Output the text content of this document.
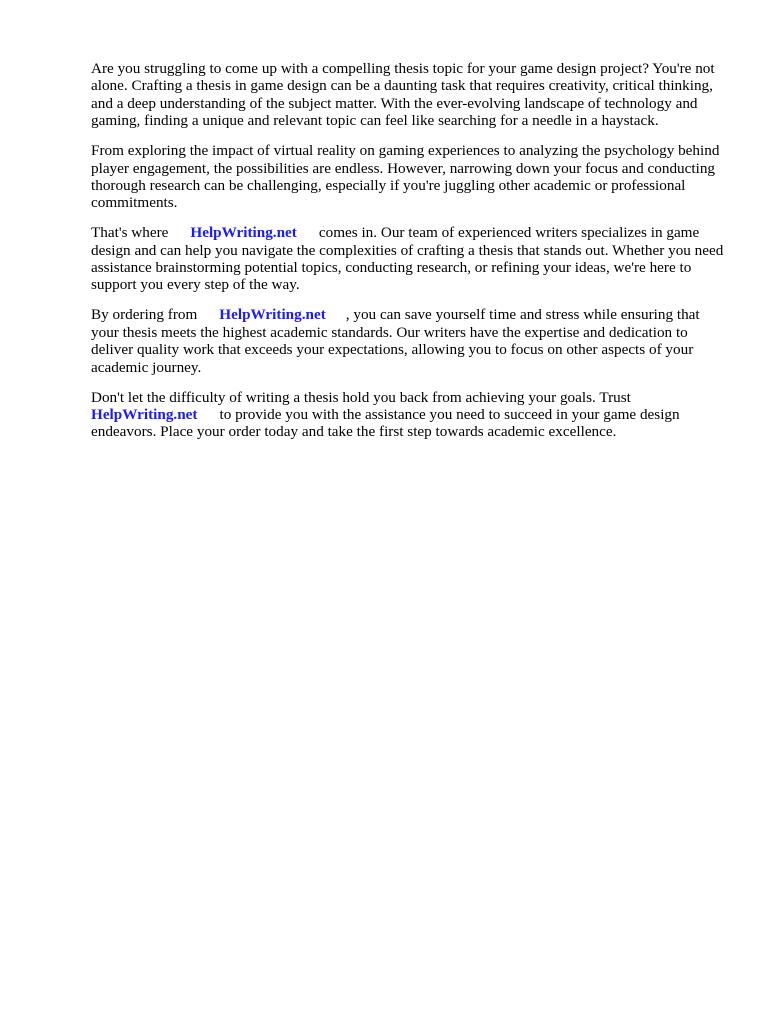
Are you struggling to come up with a compelling thesis topic for your game design project? You're not alone. Crafting a thesis in game design can be a daunting task that requires creativity, critical thinking, and a deep understanding of the subject matter. With the ever-evolving landscape of technology and gaming, finding a unique and relevant topic can feel like searching for a needle in a haystack.

From exploring the impact of virtual reality on gaming experiences to analyzing the psychology behind player engagement, the possibilities are endless. However, narrowing down your focus and conducting thorough research can be challenging, especially if you're juggling other academic or professional commitments.

That's where HelpWriting.net comes in. Our team of experienced writers specializes in game design and can help you navigate the complexities of crafting a thesis that stands out. Whether you need assistance brainstorming potential topics, conducting research, or refining your ideas, we're here to support you every step of the way.

By ordering from HelpWriting.net , you can save yourself time and stress while ensuring that your thesis meets the highest academic standards. Our writers have the expertise and dedication to deliver quality work that exceeds your expectations, allowing you to focus on other aspects of your academic journey.

Don't let the difficulty of writing a thesis hold you back from achieving your goals. Trust HelpWriting.net to provide you with the assistance you need to succeed in your game design endeavors. Place your order today and take the first step towards academic excellence.
